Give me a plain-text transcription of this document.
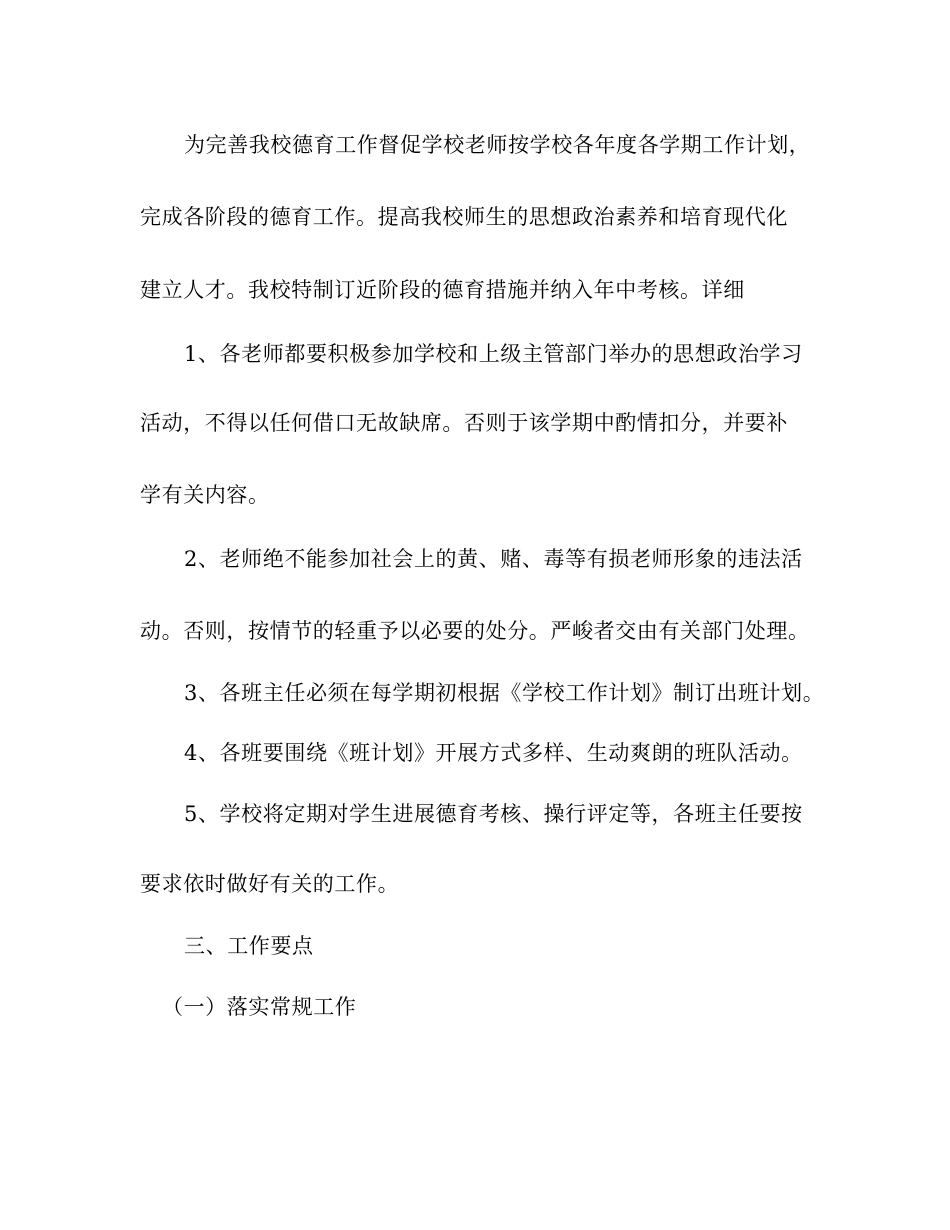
为完善我校德育工作督促学校老师按学校各年度各学期工作计划，
完成各阶段的德育工作。提高我校师生的思想政治素养和培育现代化
建立人才。我校特制订近阶段的德育措施并纳入年中考核。详细
1、各老师都要积极参加学校和上级主管部门举办的思想政治学习
活动，不得以任何借口无故缺席。否则于该学期中酌情扣分，并要补
学有关内容。
2、老师绝不能参加社会上的黄、赌、毒等有损老师形象的违法活
动。否则，按情节的轻重予以必要的处分。严峻者交由有关部门处理。
3、各班主任必须在每学期初根据《学校工作计划》制订出班计划。
4、各班要围绕《班计划》开展方式多样、生动爽朗的班队活动。
5、学校将定期对学生进展德育考核、操行评定等，各班主任要按
要求依时做好有关的工作。
三、工作要点
（一）落实常规工作
